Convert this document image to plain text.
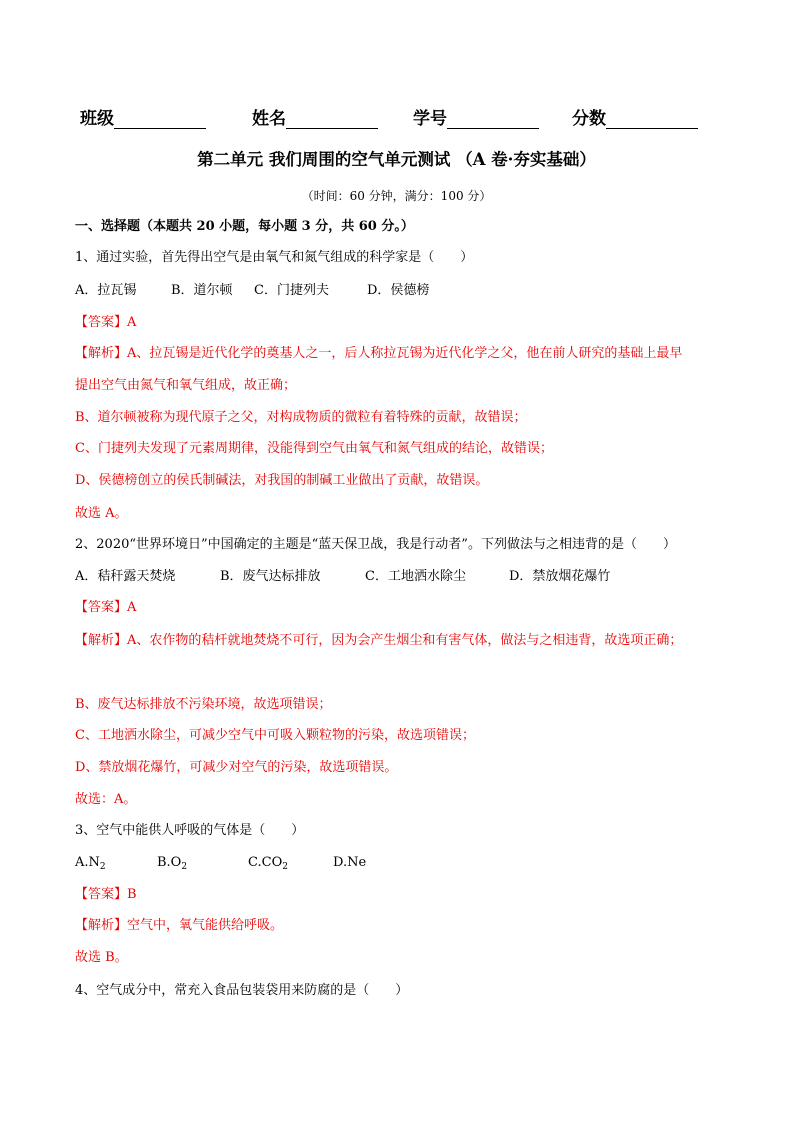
班级	姓名	学号	分数
第二单元 我们周围的空气单元测试 （A 卷·夯实基础）
（时间：60 分钟，满分：100 分）
一、选择题（本题共 20 小题，每小题 3 分，共 60 分。）
1、通过实验，首先得出空气是由氧气和氮气组成的科学家是（　　）
A．拉瓦锡	B．道尔顿 C．门捷列夫	D．侯德榜
【答案】A
【解析】A、拉瓦锡是近代化学的奠基人之一，后人称拉瓦锡为近代化学之父，他在前人研究的基础上最早
提出空气由氮气和氧气组成，故正确；
B、道尔顿被称为现代原子之父，对构成物质的微粒有着特殊的贡献，故错误；
C、门捷列夫发现了元素周期律，没能得到空气由氧气和氮气组成的结论，故错误；
D、侯德榜创立的侯氏制碱法，对我国的制碱工业做出了贡献，故错误。
故选 A。
2、2020“世界环境日”中国确定的主题是“蓝天保卫战，我是行动者”。下列做法与之相违背的是（　　）
A．秸秆露天焚烧	B．废气达标排放	C．工地洒水除尘	D．禁放烟花爆竹
【答案】A
【解析】A、农作物的秸杆就地焚烧不可行，因为会产生烟尘和有害气体，做法与之相违背，故选项正确；
B、废气达标排放不污染环境，故选项错误；
C、工地洒水除尘，可减少空气中可吸入颗粒物的污染，故选项错误；
D、禁放烟花爆竹，可减少对空气的污染，故选项错误。
故选：A。
3、空气中能供人呼吸的气体是（　　）
$A.N_2$	$B.O_2$	$C.CO_2$	D.Ne
【答案】B
【解析】空气中，氧气能供给呼吸。
故选 B。
4、空气成分中，常充入食品包装袋用来防腐的是（　　）
